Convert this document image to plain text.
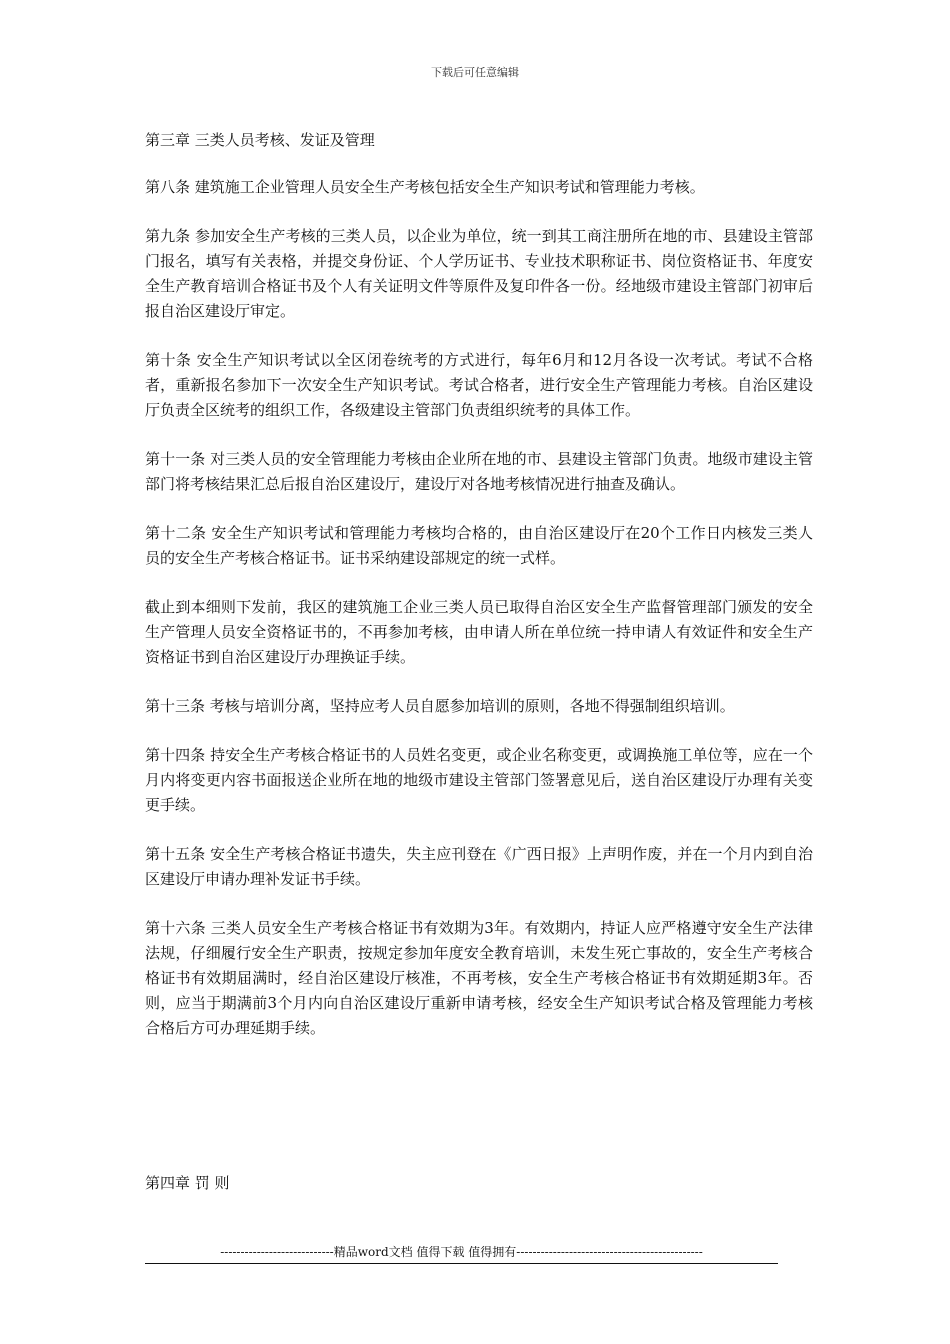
下载后可任意编辑

第三章 三类人员考核、发证及管理

第八条 建筑施工企业管理人员安全生产考核包括安全生产知识考试和管理能力考核。

第九条 参加安全生产考核的三类人员，以企业为单位，统一到其工商注册所在地的市、县建设主管部门报名，填写有关表格，并提交身份证、个人学历证书、专业技术职称证书、岗位资格证书、年度安全生产教育培训合格证书及个人有关证明文件等原件及复印件各一份。经地级市建设主管部门初审后报自治区建设厅审定。

第十条 安全生产知识考试以全区闭卷统考的方式进行，每年6月和12月各设一次考试。考试不合格者，重新报名参加下一次安全生产知识考试。考试合格者，进行安全生产管理能力考核。自治区建设厅负责全区统考的组织工作，各级建设主管部门负责组织统考的具体工作。

第十一条 对三类人员的安全管理能力考核由企业所在地的市、县建设主管部门负责。地级市建设主管部门将考核结果汇总后报自治区建设厅，建设厅对各地考核情况进行抽查及确认。

第十二条 安全生产知识考试和管理能力考核均合格的，由自治区建设厅在20个工作日内核发三类人员的安全生产考核合格证书。证书采纳建设部规定的统一式样。

截止到本细则下发前，我区的建筑施工企业三类人员已取得自治区安全生产监督管理部门颁发的安全生产管理人员安全资格证书的，不再参加考核，由申请人所在单位统一持申请人有效证件和安全生产资格证书到自治区建设厅办理换证手续。

第十三条 考核与培训分离，坚持应考人员自愿参加培训的原则，各地不得强制组织培训。

第十四条 持安全生产考核合格证书的人员姓名变更，或企业名称变更，或调换施工单位等，应在一个月内将变更内容书面报送企业所在地的地级市建设主管部门签署意见后，送自治区建设厅办理有关变更手续。

第十五条 安全生产考核合格证书遗失，失主应刊登在《广西日报》上声明作废，并在一个月内到自治区建设厅申请办理补发证书手续。

第十六条 三类人员安全生产考核合格证书有效期为3年。有效期内，持证人应严格遵守安全生产法律法规，仔细履行安全生产职责，按规定参加年度安全教育培训，未发生死亡事故的，安全生产考核合格证书有效期届满时，经自治区建设厅核准，不再考核，安全生产考核合格证书有效期延期3年。否则，应当于期满前3个月内向自治区建设厅重新申请考核，经安全生产知识考试合格及管理能力考核合格后方可办理延期手续。

第四章 罚 则

----------------------------精品word文档 值得下载 值得拥有----------------------------------------------
